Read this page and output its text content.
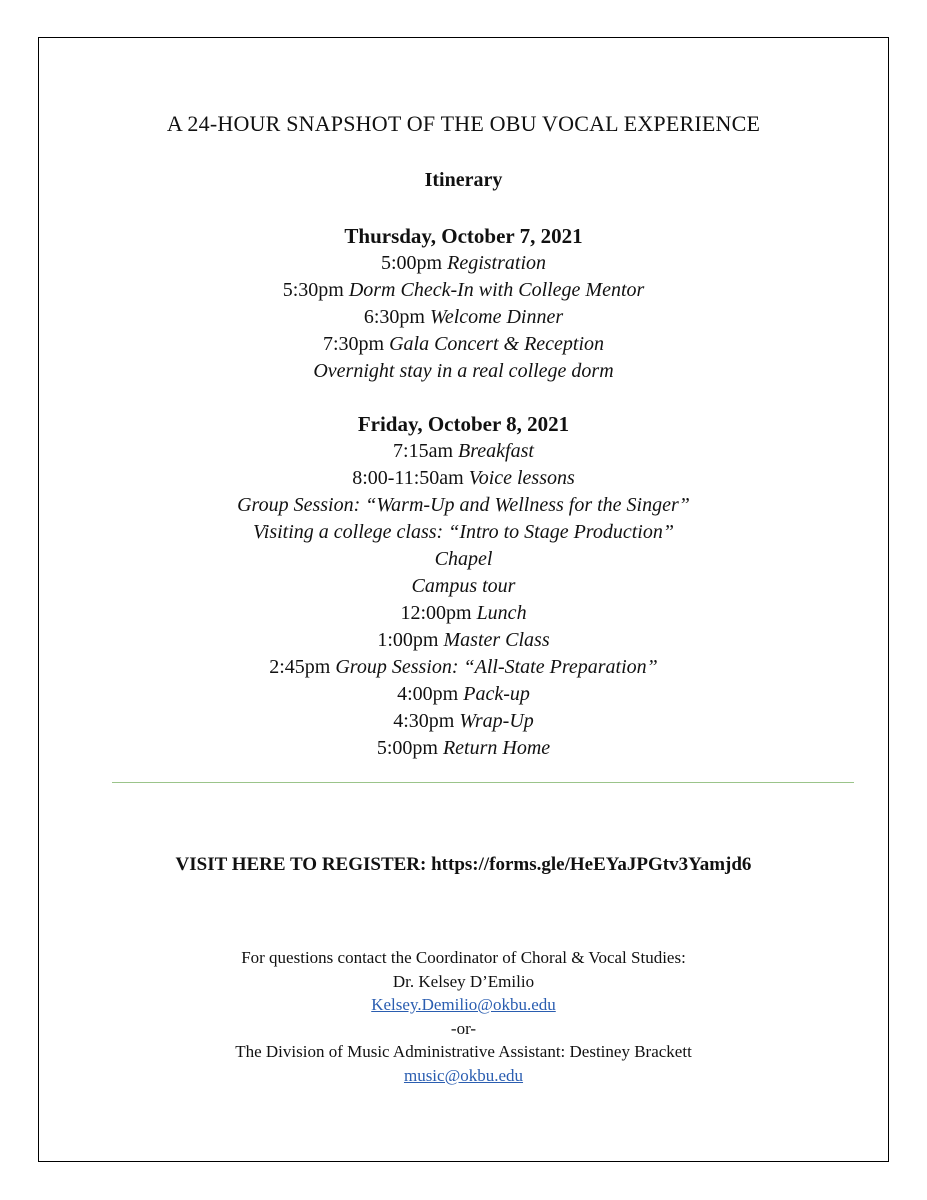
A 24-HOUR SNAPSHOT OF THE OBU VOCAL EXPERIENCE
Itinerary
Thursday, October 7, 2021
5:00pm Registration
5:30pm Dorm Check-In with College Mentor
6:30pm Welcome Dinner
7:30pm Gala Concert & Reception
Overnight stay in a real college dorm
Friday, October 8, 2021
7:15am Breakfast
8:00-11:50am Voice lessons
Group Session: “Warm-Up and Wellness for the Singer”
Visiting a college class: “Intro to Stage Production”
Chapel
Campus tour
12:00pm Lunch
1:00pm Master Class
2:45pm Group Session: “All-State Preparation”
4:00pm Pack-up
4:30pm Wrap-Up
5:00pm Return Home
VISIT HERE TO REGISTER: https://forms.gle/HeEYaJPGtv3Yamjd6
For questions contact the Coordinator of Choral & Vocal Studies:
Dr. Kelsey D’Emilio
Kelsey.Demilio@okbu.edu
-or-
The Division of Music Administrative Assistant: Destiney Brackett
music@okbu.edu
